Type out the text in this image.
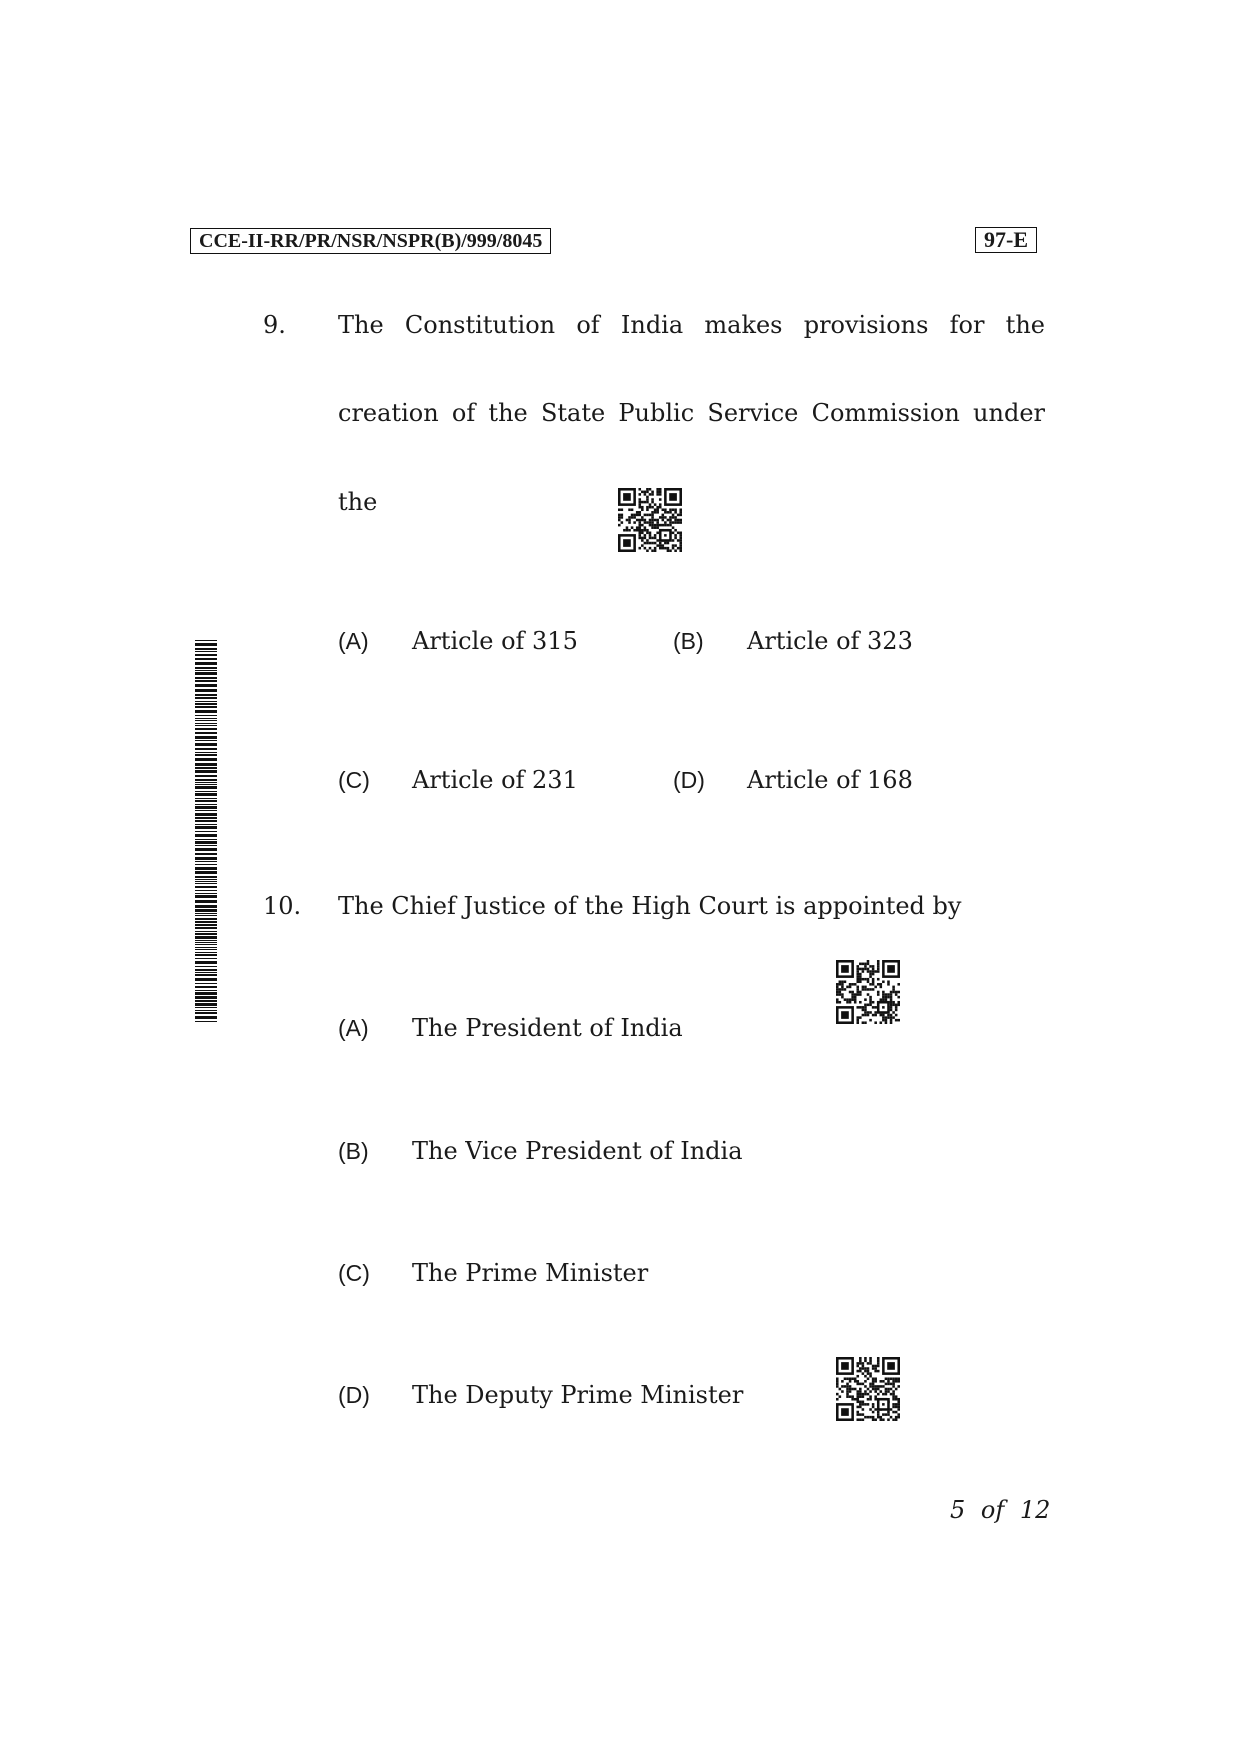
CCE-II-RR/PR/NSR/NSPR(B)/999/8045	97-E
9. The Constitution of India makes provisions for the
creation of the State Public Service Commission under
the
(A) Article of 315	(B) Article of 323
(C) Article of 231	(D) Article of 168
10. The Chief Justice of the High Court is appointed by
(A) The President of India
(B) The Vice President of India
(C) The Prime Minister
(D) The Deputy Prime Minister
5 of 12
